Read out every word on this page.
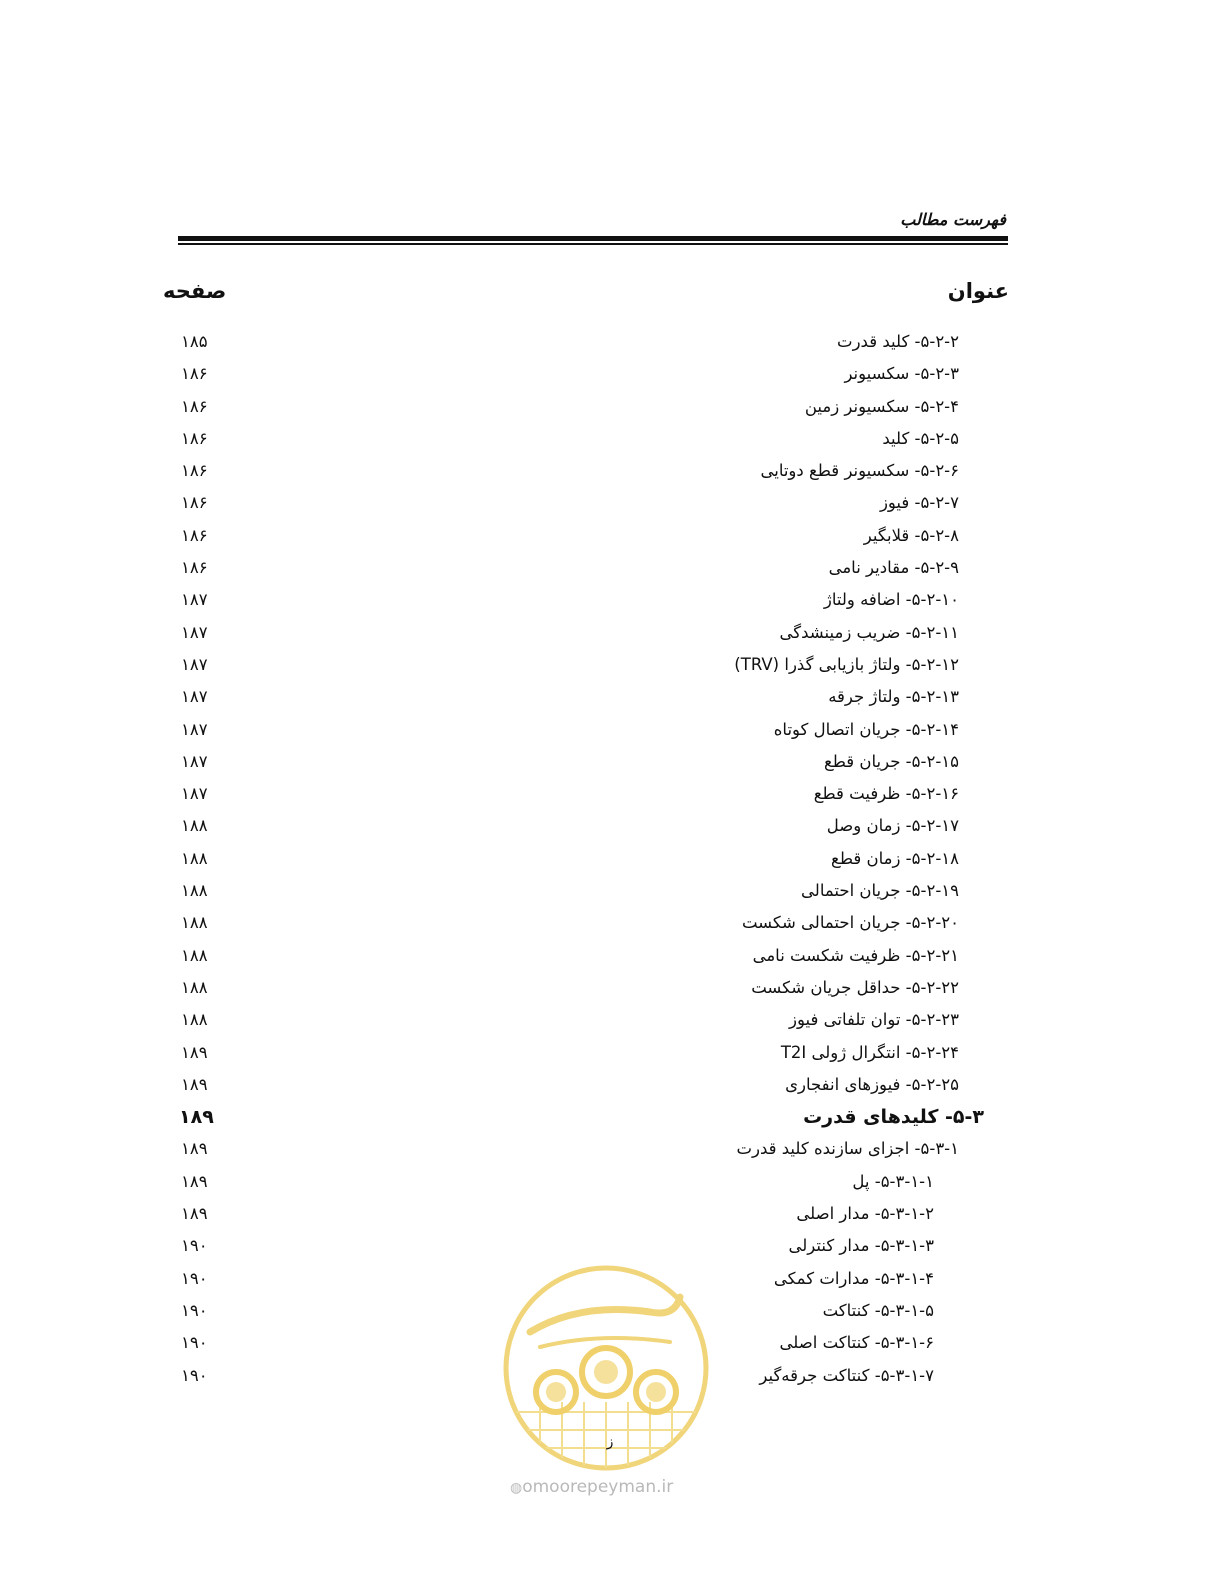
فهرست مطالب
عنوان
صفحه
۵-۲-۲- کلید قدرت
۱۸۵
۵-۲-۳- سکسیونر
۱۸۶
۵-۲-۴- سکسیونر زمین
۱۸۶
۵-۲-۵- کلید
۱۸۶
۵-۲-۶- سکسیونر قطع دوتایی
۱۸۶
۵-۲-۷- فیوز
۱۸۶
۵-۲-۸- قلابگیر
۱۸۶
۵-۲-۹- مقادیر نامی
۱۸۶
۵-۲-۱۰- اضافه ولتاژ
۱۸۷
۵-۲-۱۱- ضریب زمینشدگی
۱۸۷
۵-۲-۱۲- ولتاژ بازیابی گذرا (TRV)
۱۸۷
۵-۲-۱۳- ولتاژ جرقه
۱۸۷
۵-۲-۱۴- جریان اتصال کوتاه
۱۸۷
۵-۲-۱۵- جریان قطع
۱۸۷
۵-۲-۱۶- ظرفیت قطع
۱۸۷
۵-۲-۱۷- زمان وصل
۱۸۸
۵-۲-۱۸- زمان قطع
۱۸۸
۵-۲-۱۹- جریان احتمالی
۱۸۸
۵-۲-۲۰- جریان احتمالی شکست
۱۸۸
۵-۲-۲۱- ظرفیت شکست نامی
۱۸۸
۵-۲-۲۲- حداقل جریان شکست
۱۸۸
۵-۲-۲۳- توان تلفاتی فیوز
۱۸۸
۵-۲-۲۴- انتگرال ژولی T2I
۱۸۹
۵-۲-۲۵- فیوزهای انفجاری
۱۸۹
۵-۳- کلیدهای قدرت
۱۸۹
۵-۳-۱- اجزای سازنده کلید قدرت
۱۸۹
۵-۳-۱-۱- پل
۱۸۹
۵-۳-۱-۲- مدار اصلی
۱۸۹
۵-۳-۱-۳- مدار کنترلی
۱۹۰
۵-۳-۱-۴- مدارات کمکی
۱۹۰
۵-۳-۱-۵- کنتاکت
۱۹۰
۵-۳-۱-۶- کنتاکت اصلی
۱۹۰
۵-۳-۱-۷- کنتاکت جرقه‌گیر
۱۹۰
ز
◍omoorepeyman.ir
